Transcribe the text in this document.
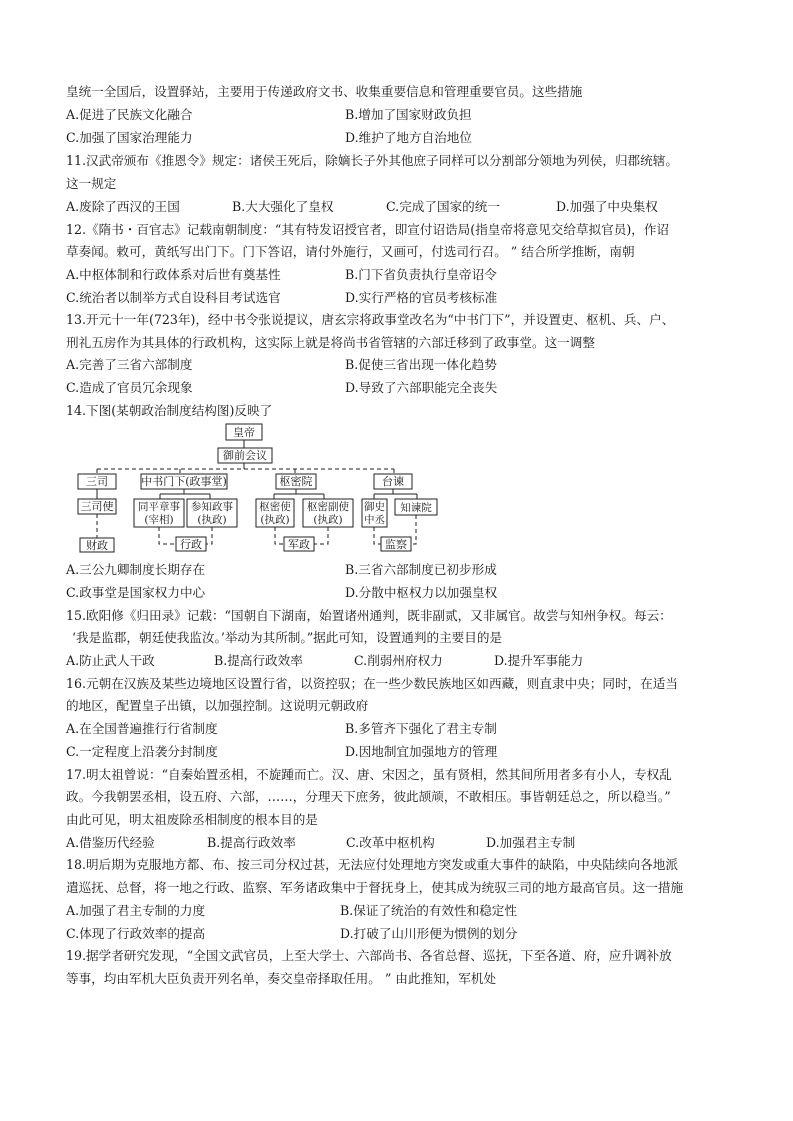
皇统一全国后，设置驿站，主要用于传递政府文书、收集重要信息和管理重要官员。这些措施
A.促进了民族文化融合	B.增加了国家财政负担
C.加强了国家治理能力	D.维护了地方自治地位
11.汉武帝颁布《推恩令》规定：诸侯王死后，除嫡长子外其他庶子同样可以分割部分领地为列侯，归郡统辖。
这一规定
A.废除了西汉的王国	B.大大强化了皇权	C.完成了国家的统一	D.加强了中央集权
12.《隋书・百官志》记载南朝制度：“其有特发诏授官者，即宣付诏诰局(指皇帝将意见交给草拟官员)，作诏
草奏闻。敕可，黄纸写出门下。门下答诏，请付外施行，又画可，付选司行召。 ” 结合所学推断，南朝
A.中枢体制和行政体系对后世有奠基性	B.门下省负责执行皇帝诏令
C.统治者以制举方式自设科目考试选官	D.实行严格的官员考核标准
13.开元十一年(723年)，经中书令张说提议，唐玄宗将政事堂改名为“中书门下”，并设置吏、枢机、兵、户、
刑礼五房作为其具体的行政机构，这实际上就是将尚书省管辖的六部迁移到了政事堂。这一调整
A.完善了三省六部制度	B.促使三省出现一体化趋势
C.造成了官员冗余现象	D.导致了六部职能完全丧失
14.下图(某朝政治制度结构图)反映了
皇帝
御前会议
三司
三司使
财政
中书门下(政事堂)
同平章事
(宰相)
参知政事
(执政)
行政
枢密院
枢密使
(执政)
枢密副使
(执政)
军政
台谏
御史
中丞
知谏院
监察
A.三公九卿制度长期存在	B.三省六部制度已初步形成
C.政事堂是国家权力中心	D.分散中枢权力以加强皇权
15.欧阳修《归田录》记载：“国朝自下湖南，始置诸州通判，既非副贰，又非属官。故尝与知州争权。每云：
‘我是监郡，朝廷使我监汝。’举动为其所制。”据此可知，设置通判的主要目的是
A.防止武人干政	B.提高行政效率	C.削弱州府权力	D.提升军事能力
16.元朝在汉族及某些边境地区设置行省，以资控驭；在一些少数民族地区如西藏，则直隶中央；同时，在适当
的地区，配置皇子出镇，以加强控制。这说明元朝政府
A.在全国普遍推行行省制度	B.多管齐下强化了君主专制
C.一定程度上沿袭分封制度	D.因地制宜加强地方的管理
17.明太祖曾说：“自秦始置丞相，不旋踵而亡。汉、唐、宋因之，虽有贤相，然其间所用者多有小人，专权乱
政。今我朝罢丞相，设五府、六部，……，分理天下庶务，彼此颉颃，不敢相压。事皆朝廷总之，所以稳当。”
由此可见，明太祖废除丞相制度的根本目的是
A.借鉴历代经验	B.提高行政效率	C.改革中枢机构	D.加强君主专制
18.明后期为克服地方都、布、按三司分权过甚，无法应付处理地方突发或重大事件的缺陷，中央陆续向各地派
遣巡抚、总督，将一地之行政、监察、军务诸政集中于督抚身上，使其成为统驭三司的地方最高官员。这一措施
A.加强了君主专制的力度	B.保证了统治的有效性和稳定性
C.体现了行政效率的提高	D.打破了山川形便为惯例的划分
19.据学者研究发现，“全国文武官员，上至大学士、六部尚书、各省总督、巡抚，下至各道、府，应升调补放
等事，均由军机大臣负责开列名单，奏交皇帝择取任用。 ” 由此推知，军机处
